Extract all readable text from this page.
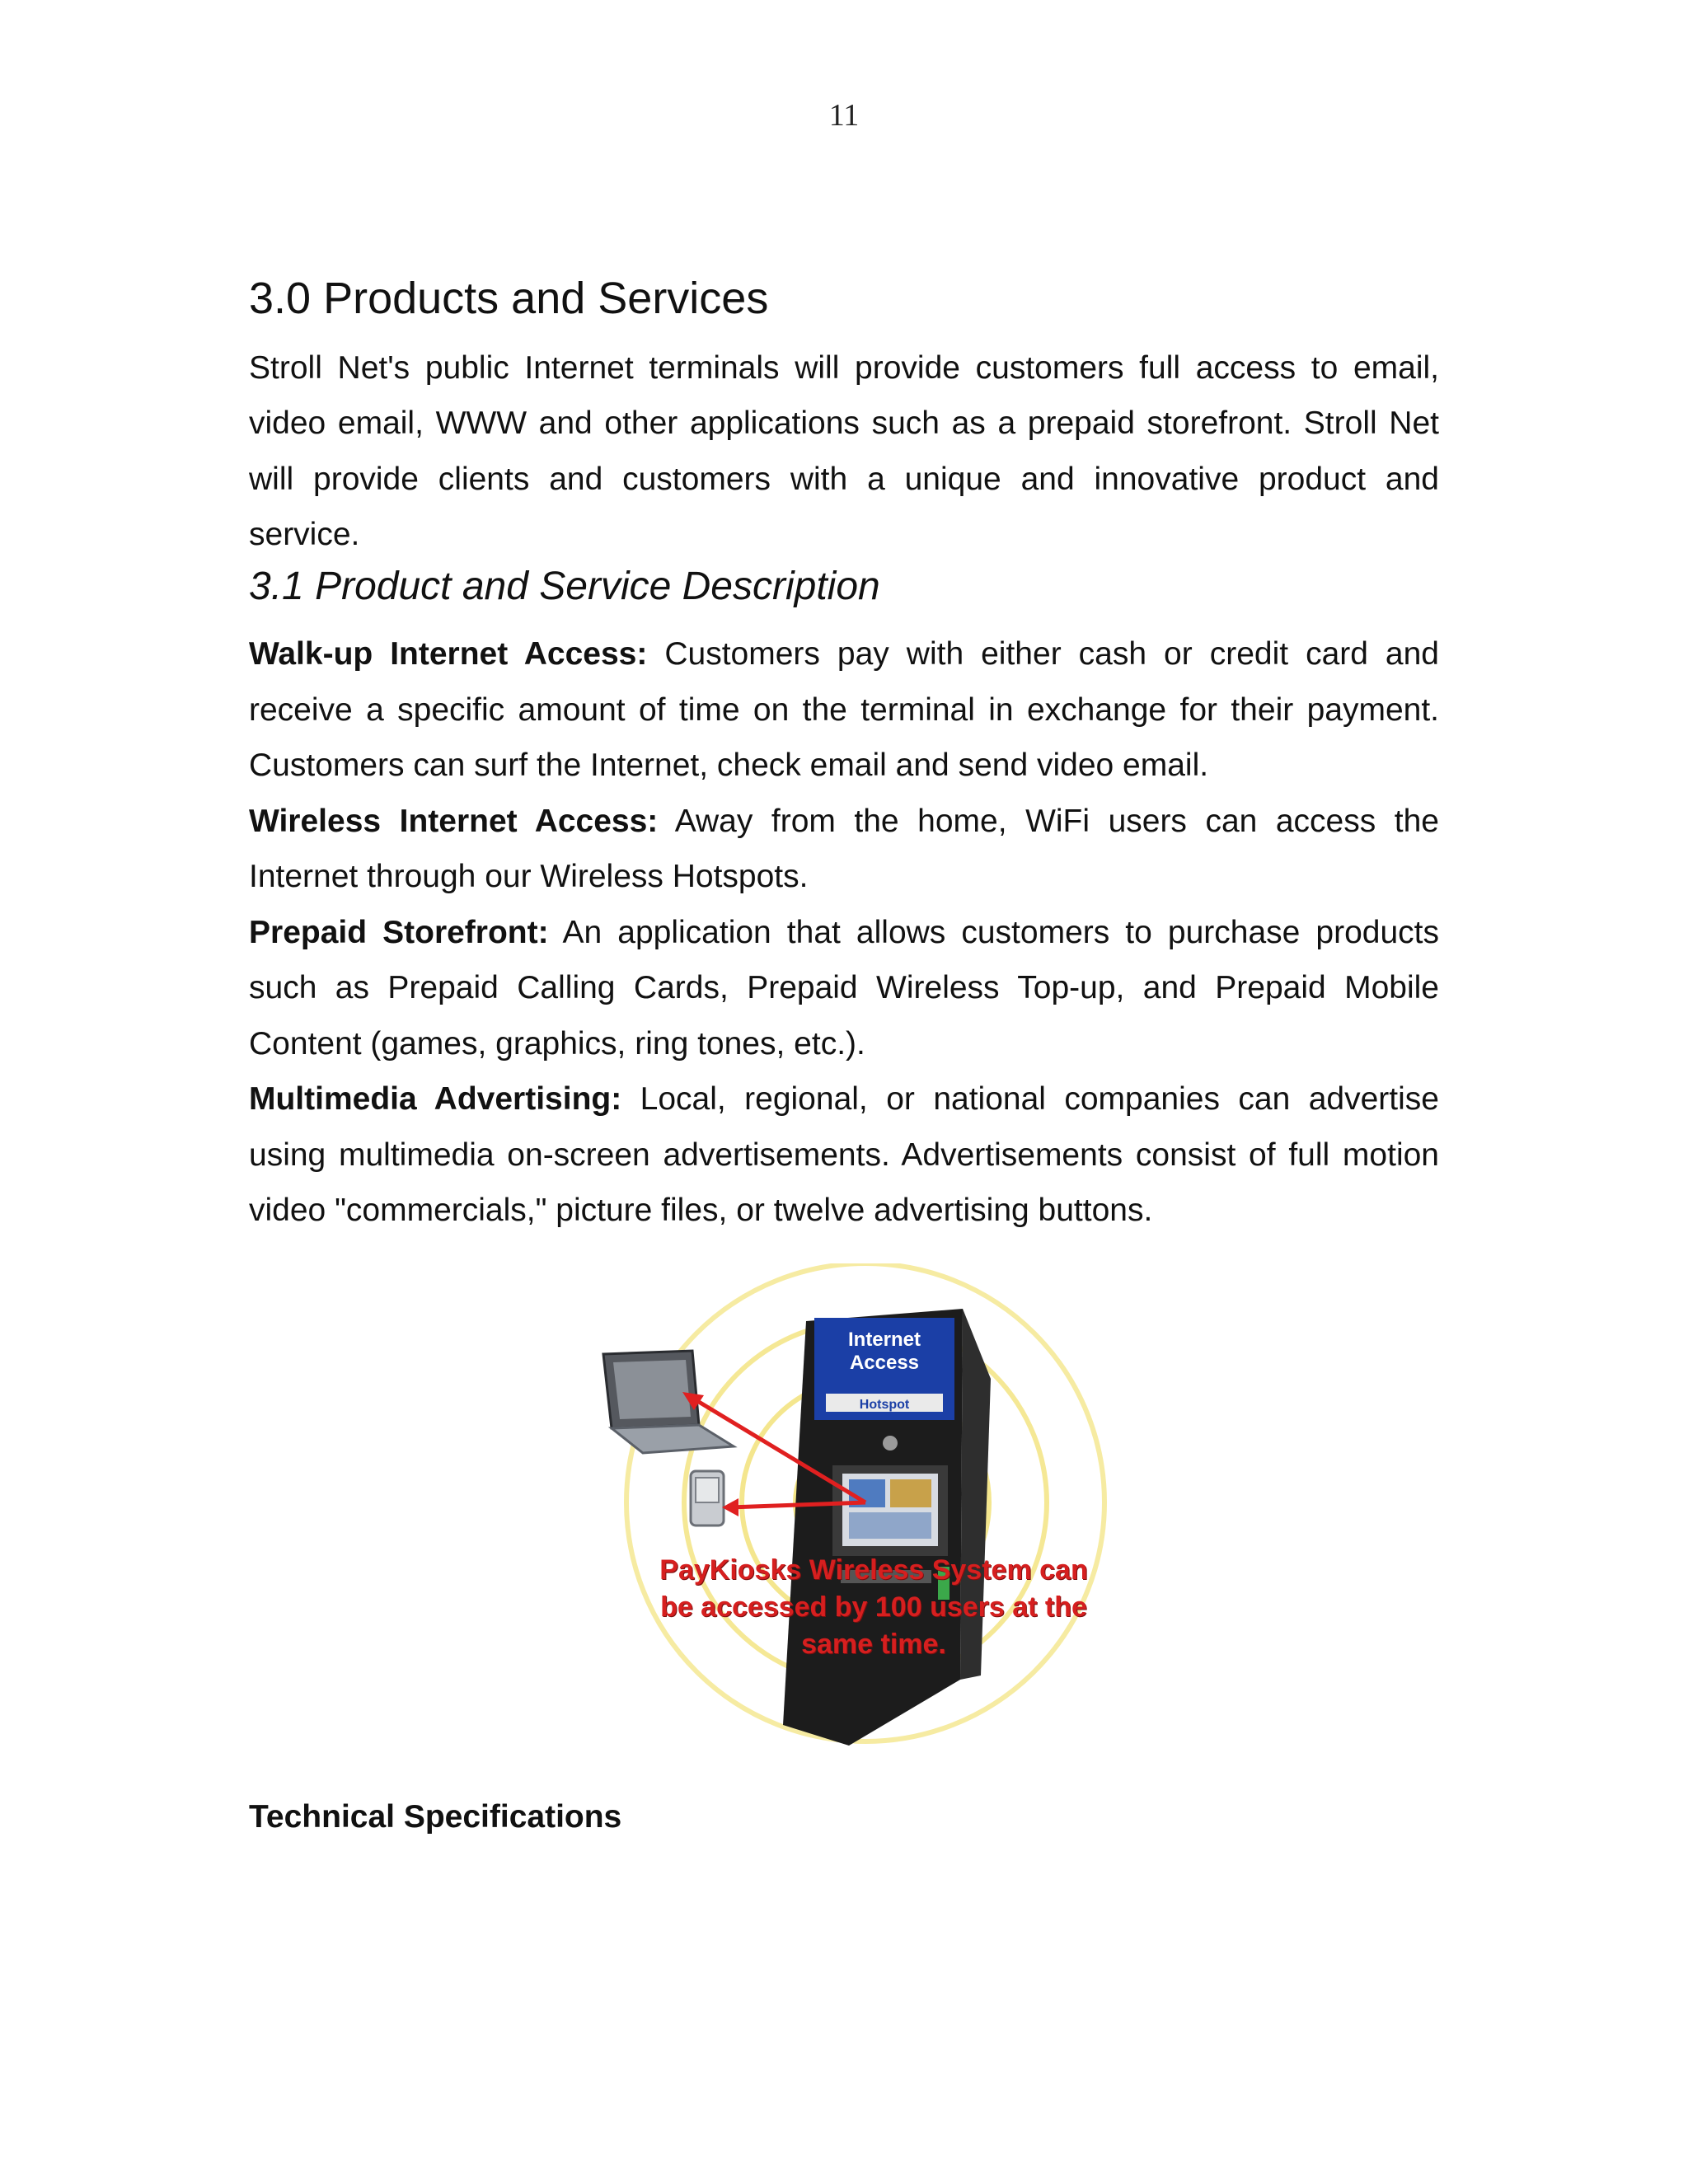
11
3.0 Products and Services

Stroll Net's public Internet terminals will provide customers full access to email, video email, WWW and other applications such as a prepaid storefront. Stroll Net will provide clients and customers with a unique and innovative product and service.

3.1 Product and Service Description

Walk-up Internet Access: Customers pay with either cash or credit card and receive a specific amount of time on the terminal in exchange for their payment. Customers can surf the Internet, check email and send video email.

Wireless Internet Access: Away from the home, WiFi users can access the Internet through our Wireless Hotspots.

Prepaid Storefront: An application that allows customers to purchase products such as Prepaid Calling Cards, Prepaid Wireless Top-up, and Prepaid Mobile Content (games, graphics, ring tones, etc.).

Multimedia Advertising: Local, regional, or national companies can advertise using multimedia on-screen advertisements. Advertisements consist of full motion video "commercials," picture files, or twelve advertising buttons.

Internet
Access
Hotspot
PayKiosks Wireless System can be accessed by 100 users at the same time.
Technical Specifications
